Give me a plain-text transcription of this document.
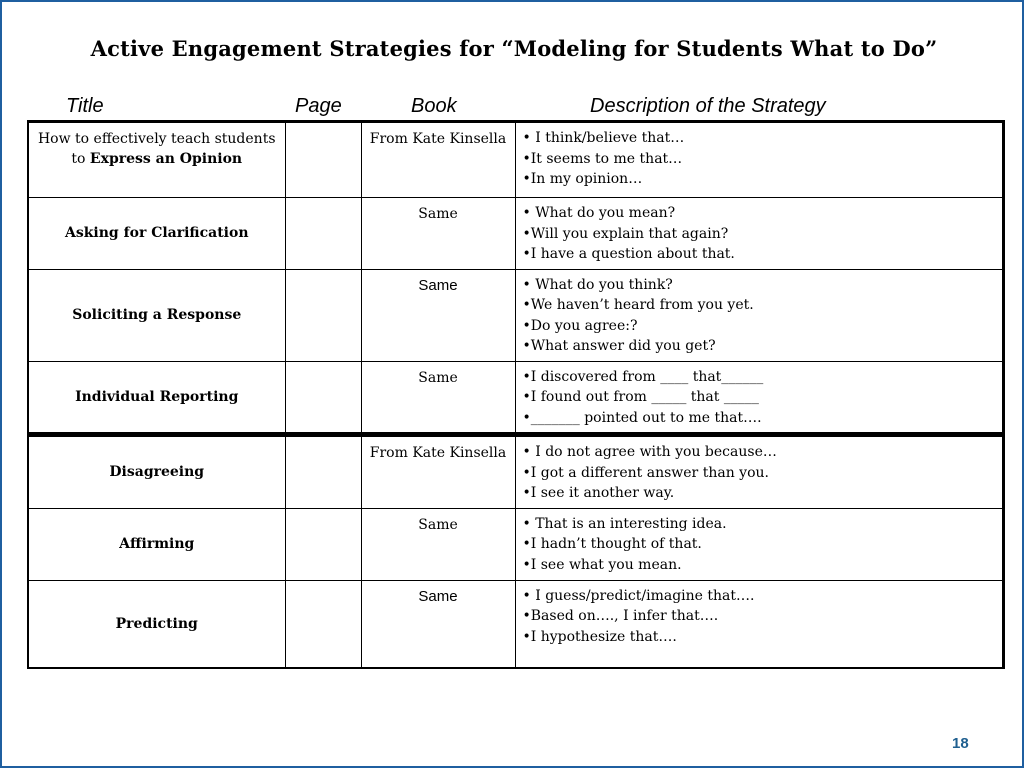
Active Engagement Strategies for “Modeling for Students What to Do”
Title	Page	Book	Description of the Strategy
How to effectively teach students to Express an Opinion		From Kate Kinsella	• I think/believe that…
•It seems to me that…
•In my opinion…

Asking for Clarification		Same	• What do you mean?
•Will you explain that again?
•I have a question about that.

Soliciting a Response		Same	• What do you think?
•We haven’t heard from you yet.
•Do you agree:?
•What answer did you get?

Individual Reporting		Same	•I discovered from ____ that______
•I found out from _____ that _____
•_______ pointed out to me that….

Disagreeing		From Kate Kinsella	• I do not agree with you because…
•I got a different answer than you.
•I see it another way.

Affirming		Same	• That is an interesting idea.
•I hadn’t thought of that.
•I see what you mean.

Predicting		Same	• I guess/predict/imagine that….
•Based on…., I infer that….
•I hypothesize that….
18
